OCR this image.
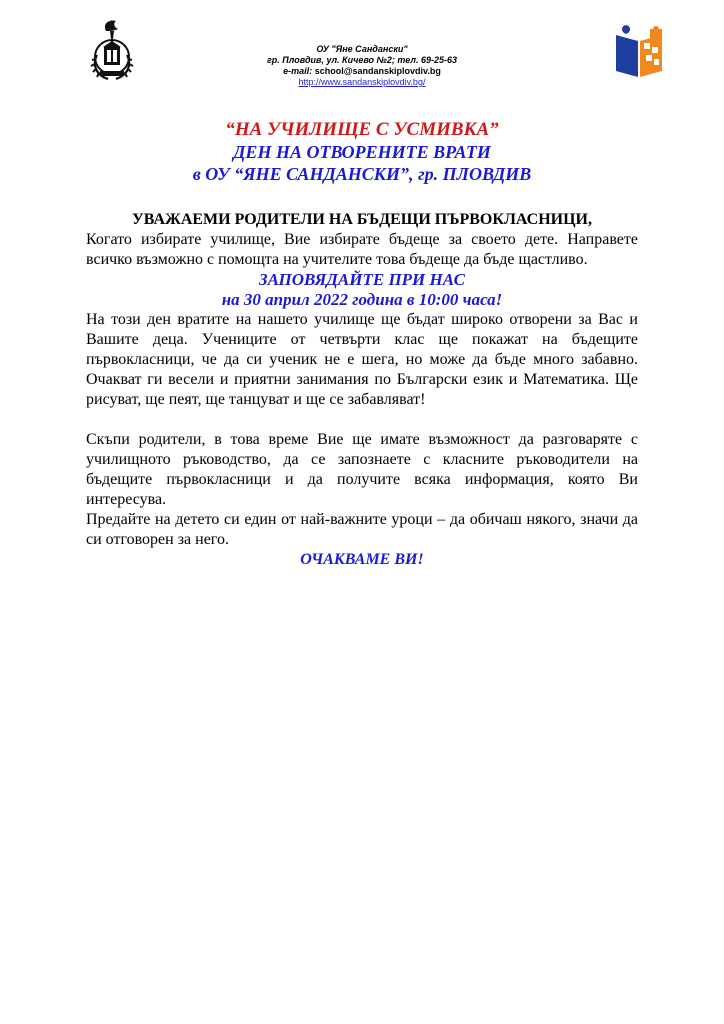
ОУ "Яне Сандански"
гр. Пловдив, ул. Кичево №2; тел. 69-25-63
e-mail: school@sandanskiplovdiv.bg
http://www.sandanskiplovdiv.bg/
“НА УЧИЛИЩЕ С УСМИВКА”
ДЕН НА ОТВОРЕНИТЕ ВРАТИ
в ОУ “ЯНЕ САНДАНСКИ”, гр. ПЛОВДИВ
УВАЖАЕМИ РОДИТЕЛИ НА БЪДЕЩИ ПЪРВОКЛАСНИЦИ,
Когато избирате училище, Вие избирате бъдеще за своето дете. Направете всичко възможно с помощта на учителите това бъдеще да бъде щастливо.
ЗАПОВЯДАЙТЕ ПРИ НАС
на 30 април 2022 година в 10:00 часа!
На този ден вратите на нашето училище ще бъдат широко отворени за Вас и Вашите деца. Учениците от четвърти клас ще покажат на бъдещите първокласници, че да си ученик не е шега, но може да бъде много забавно. Очакват ги весели и приятни занимания по Български език и Математика. Ще рисуват, ще пеят, ще танцуват и ще се забавляват!
Скъпи родители, в това време Вие ще имате възможност да разговаряте с училищното ръководство, да се запознаете с класните ръководители на бъдещите първокласници и да получите всяка информация, която Ви интересува.
Предайте на детето си един от най-важните уроци – да обичаш някого, значи да си отговорен за него.
ОЧАКВАМЕ ВИ!
